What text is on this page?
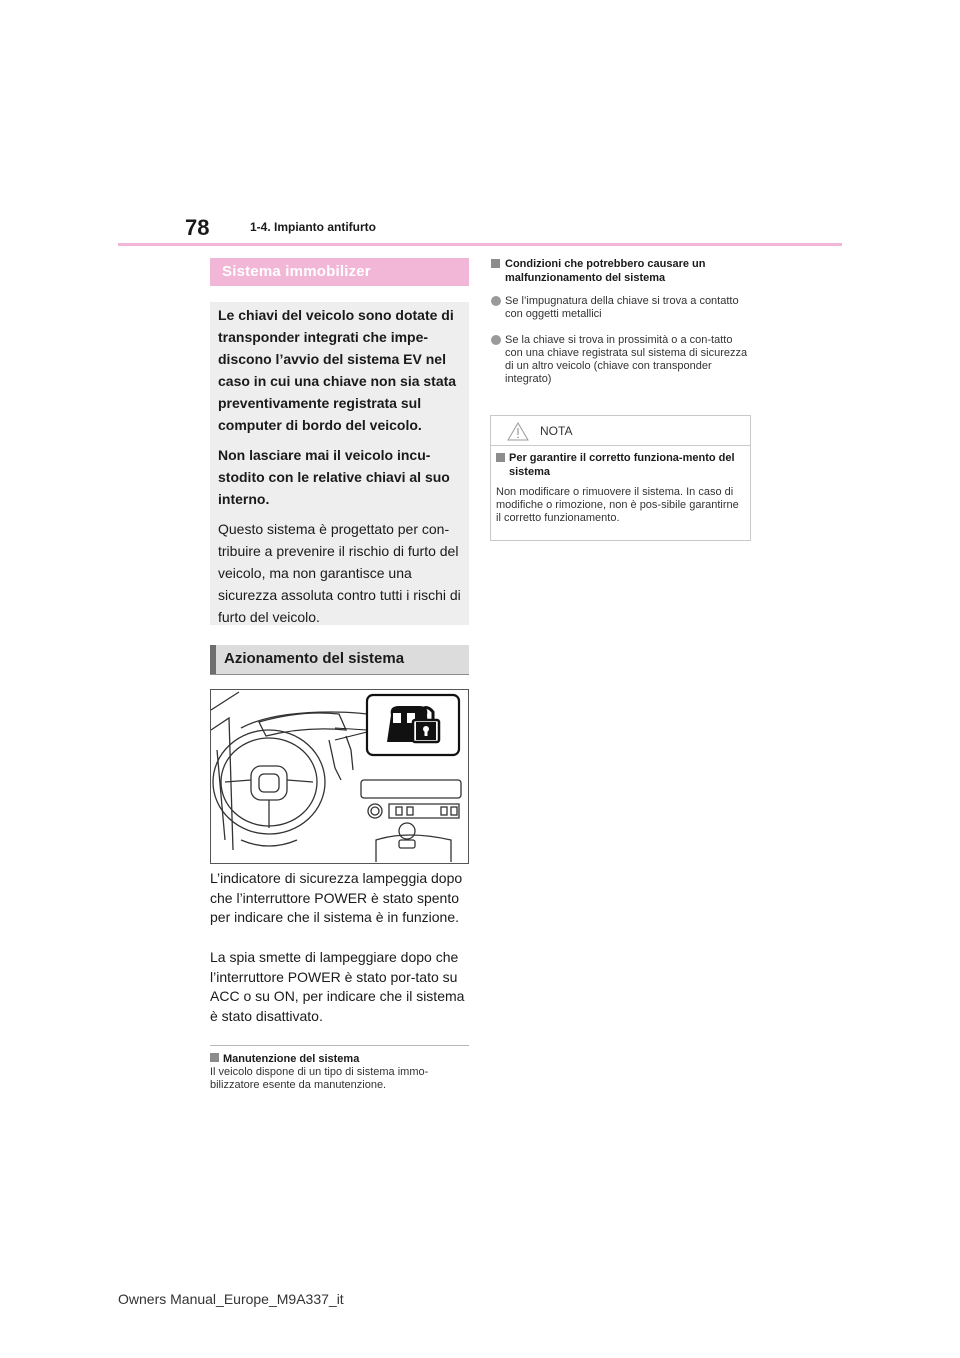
78	1-4. Impianto antifurto
Sistema immobilizer

Le chiavi del veicolo sono dotate di transponder integrati che impe-discono l’avvio del sistema EV nel caso in cui una chiave non sia stata preventivamente registrata sul computer di bordo del veicolo.

Non lasciare mai il veicolo incu-stodito con le relative chiavi al suo interno.

Questo sistema è progettato per con-tribuire a prevenire il rischio di furto del veicolo, ma non garantisce una sicurezza assoluta contro tutti i rischi di furto del veicolo.

Azionamento del sistema
L’indicatore di sicurezza lampeggia dopo che l’interruttore POWER è stato spento per indicare che il sistema è in funzione.
La spia smette di lampeggiare dopo che l’interruttore POWER è stato por-tato su ACC o su ON, per indicare che il sistema è stato disattivato.
Manutenzione del sistema
Il veicolo dispone di un tipo di sistema immo-bilizzatore esente da manutenzione.
Condizioni che potrebbero causare un malfunzionamento del sistema
Se l’impugnatura della chiave si trova a contatto con oggetti metallici
Se la chiave si trova in prossimità o a con-tatto con una chiave registrata sul sistema di sicurezza di un altro veicolo (chiave con transponder integrato)
NOTA
Per garantire il corretto funziona-mento del sistema
Non modificare o rimuovere il sistema. In caso di modifiche o rimozione, non è pos-sibile garantirne il corretto funzionamento.
Owners Manual_Europe_M9A337_it
